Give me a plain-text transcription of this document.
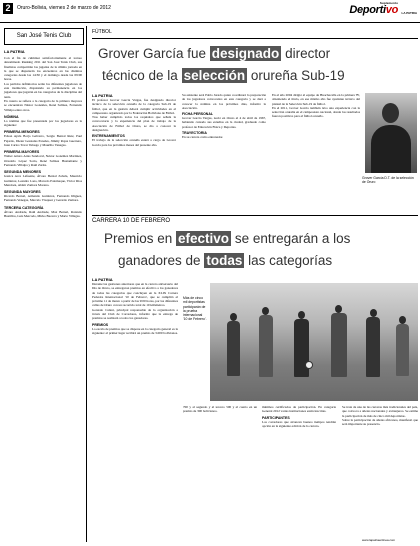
2	Oruro-Bolivia, viernes 2 de marzo de 2012
Suplemento
Deportivo LA PATRIA
San José Tenis Club
LA PATRIA

Con el fin de culminar satisfactoriamente el torneo denominado Ranking 2011 del San José Tenis Club, sus finalistas compartirán las jugadas de la última jornada en la que se disputarán los encuentros en las distintas categorías desde las 14:30 y el domingo desde las 09:00 horas.

Los partidos definitorios serán los diferentes jugadores de esta institución, disputando su permanencia en los jugadores que jugarán en las categorías de la disciplina del tenis.

En cuanto se refiere a la categoría de la primera mayores se encuentran Néstor Gonzales, René Salinas, Fernando Villalpa entre otros.

NÓMINA

La nómina que fue presentada por los jugadores es la siguiente:

PRIMERA MENORES

Edson Ayala Borja Galvarro, Sergio Bernal Ruiz, Paul Fajardo, Dieter Gonzales Paredes, Jimmy Rojas Guerrero, Juan Carlos Tovar Velasgo y Maurilio Venegas.

PRIMERA MAYORES

Walter Arturo Arias Sandoval, Néstor González Martínez, Oswaldo López Soria, René Salinas Bustamante y Fernando Villalpa y Raúl Zurita.

SEGUNDA MENORES

Jessica Arce Lafuente, Álvaro Bernal Zabala, Mauricio Gutiérrez, Leandro Lazo, Marcelo Palomeque, Víctor Ríos Mendoza, Aldair Zamora Moreno.

SEGUNDA MAYORES

Ricardo Bernal, Armando Gutiérrez, Fernando Iñiguez, Fernando Venegas, Marcelo Vásquez y Gerardo Zamora.

TERCERA CATEGORÍA

Álvaro Andrade, Raúl Andrade, Max Bernal, Rolando Bustillos, Luis Mercado, Mirko Becerra y Mario Villegas.

FÚTBOL
Grover García fue designado director
técnico de la selección orureña Sub-19

LA PATRIA

El profesor Grover García Vargas, fue designado director técnico de la selección orureña de la categoría Sub-19 de fútbol, que en la gestión deberá cumplir actividades en el campeonato organizado por la Federación Boliviana de Fútbol.

Tras haber cumplido todos los requisitos que señala la convocatoria y la experiencia del plan de trabajo de la Asociación de Fútbol de Oruro, se dio a conocer la designación.

ENTRENAMIENTOS

El trabajo de la selección orureña estará a cargo de Grover García para los próximos meses del presente año.

Su asistente será Pablo Jurado quien coordinará la preparación de los jugadores convocados en esta categoría y se dará a conocer la nómina en los próximos días, informó la Asociación.

FICHA PERSONAL

Grover García Vargas, nació en Oruro el 4 de abril de 1967, habiendo cursado sus estudios en la ciudad, graduado como profesor de Educación Física y Deportes.

TRAYECTORIA

En su carrera como entrenador.

En el año 2004 dirigió al equipo de Huachacalla en la primera 'B', obteniendo el título, en ese mismo año fue ayudante técnico del plantel de la Selección Sub-19 de fútbol.

En el 2011, Grover García también tuvo una experiencia con la selección orureña en el campeonato nacional, donde los resultados fueron positivos para el fútbol orureño.

Grover García D.T. de la selección de Oruro
CARRERA 10 DE FEBRERO
Premios en efectivo se entregarán a los
ganadores de todas las categorías

LA PATRIA

Durante las gestiones anteriores que en la carrera aniversario del Día de Oruro, se entregaron premios en efectivo a los ganadores de todas las categorías que concluyen en la XLIX Carrera Pedestre Internacional '10 de Febrero', que se cumplirá el próximo 11 de marzo a partir de las 9:00 horas, por las diferentes calles de Oruro con un recorrido total de 10 kilómetros.

Gonzalo Calani, principal responsable de la organización a través del Club de Corredores, informó que la entrega de premios se realizará a todos los ganadores.

PREMIOS

La escala de premios que se dispone en la categoría general es la siguiente: el primer lugar recibirá un premio de 3.000 bolivianos.

Más de cinco mil deportistas participarán de la prueba internacional '10 de Febrero'.

700 y al segundo y al tercero 500 y al cuarto en un premio de 300 bolivianos.

mínimos certificados de participación. En categoría General 2012 varias instituciones están inscritas.

PARTICIPANTES

Los corredores que alcancen buenos tiempos tendrán opción en la siguiente edición de la carrera.

Se trata de una de las carreras más tradicionales del país, que convoca a atletas nacionales y extranjeros. Se estima la participación de más de cinco mil deportistas.

Sobre la participación de atletas africanos, manifestó que será importante su presencia.

www.lapatriaenlinea.com
